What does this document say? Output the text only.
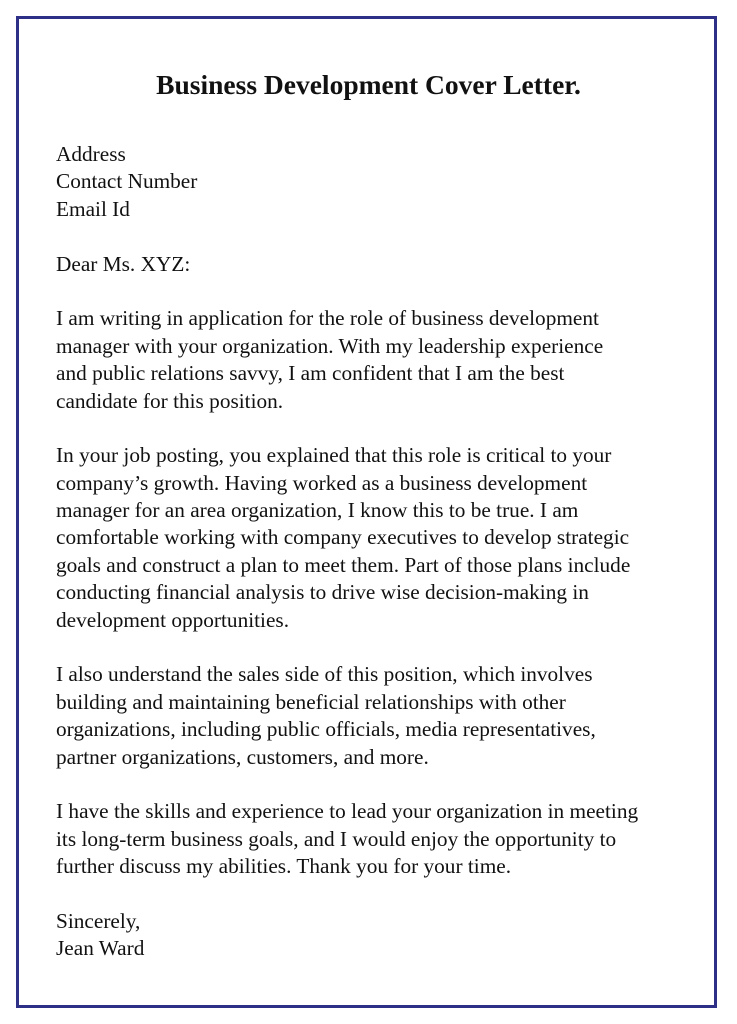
Business Development Cover Letter.
Address
Contact Number
Email Id
Dear Ms. XYZ:
I am writing in application for the role of business development
manager with your organization. With my leadership experience
and public relations savvy, I am confident that I am the best
candidate for this position.
In your job posting, you explained that this role is critical to your
company’s growth. Having worked as a business development
manager for an area organization, I know this to be true. I am
comfortable working with company executives to develop strategic
goals and construct a plan to meet them. Part of those plans include
conducting financial analysis to drive wise decision-making in
development opportunities.
I also understand the sales side of this position, which involves
building and maintaining beneficial relationships with other
organizations, including public officials, media representatives,
partner organizations, customers, and more.
I have the skills and experience to lead your organization in meeting
its long-term business goals, and I would enjoy the opportunity to
further discuss my abilities. Thank you for your time.
Sincerely,
Jean Ward
